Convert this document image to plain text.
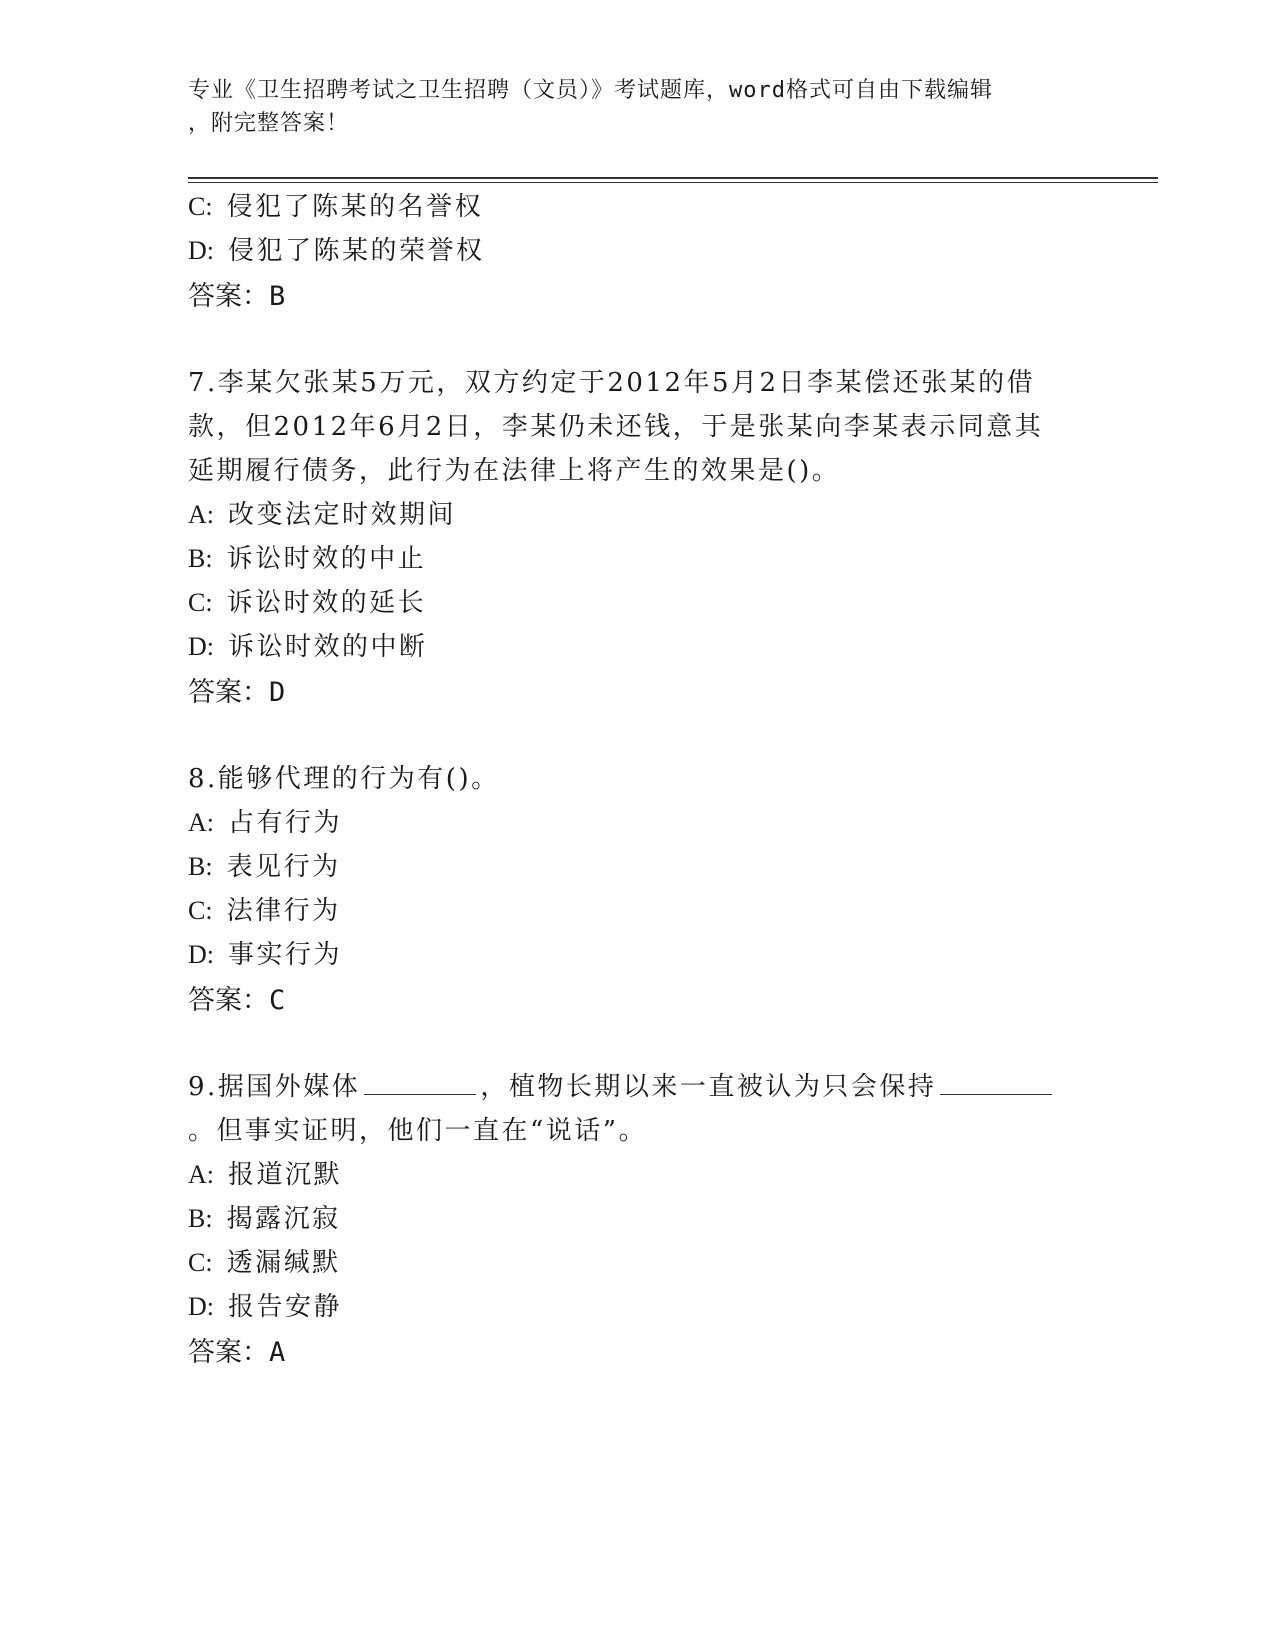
专业《卫生招聘考试之卫生招聘（文员）》考试题库，word格式可自由下载编辑
，附完整答案！
C: 侵犯了陈某的名誉权
D: 侵犯了陈某的荣誉权
答案：B
7.李某欠张某5万元，双方约定于2012年5月2日李某偿还张某的借
款，但2012年6月2日，李某仍未还钱，于是张某向李某表示同意其
延期履行债务，此行为在法律上将产生的效果是()。
A: 改变法定时效期间
B: 诉讼时效的中止
C: 诉讼时效的延长
D: 诉讼时效的中断
答案：D
8.能够代理的行为有()。
A: 占有行为
B: 表见行为
C: 法律行为
D: 事实行为
答案：C
9.据国外媒体	，植物长期以来一直被认为只会保持
。但事实证明，他们一直在“说话”。
A: 报道沉默
B: 揭露沉寂
C: 透漏缄默
D: 报告安静
答案：A
